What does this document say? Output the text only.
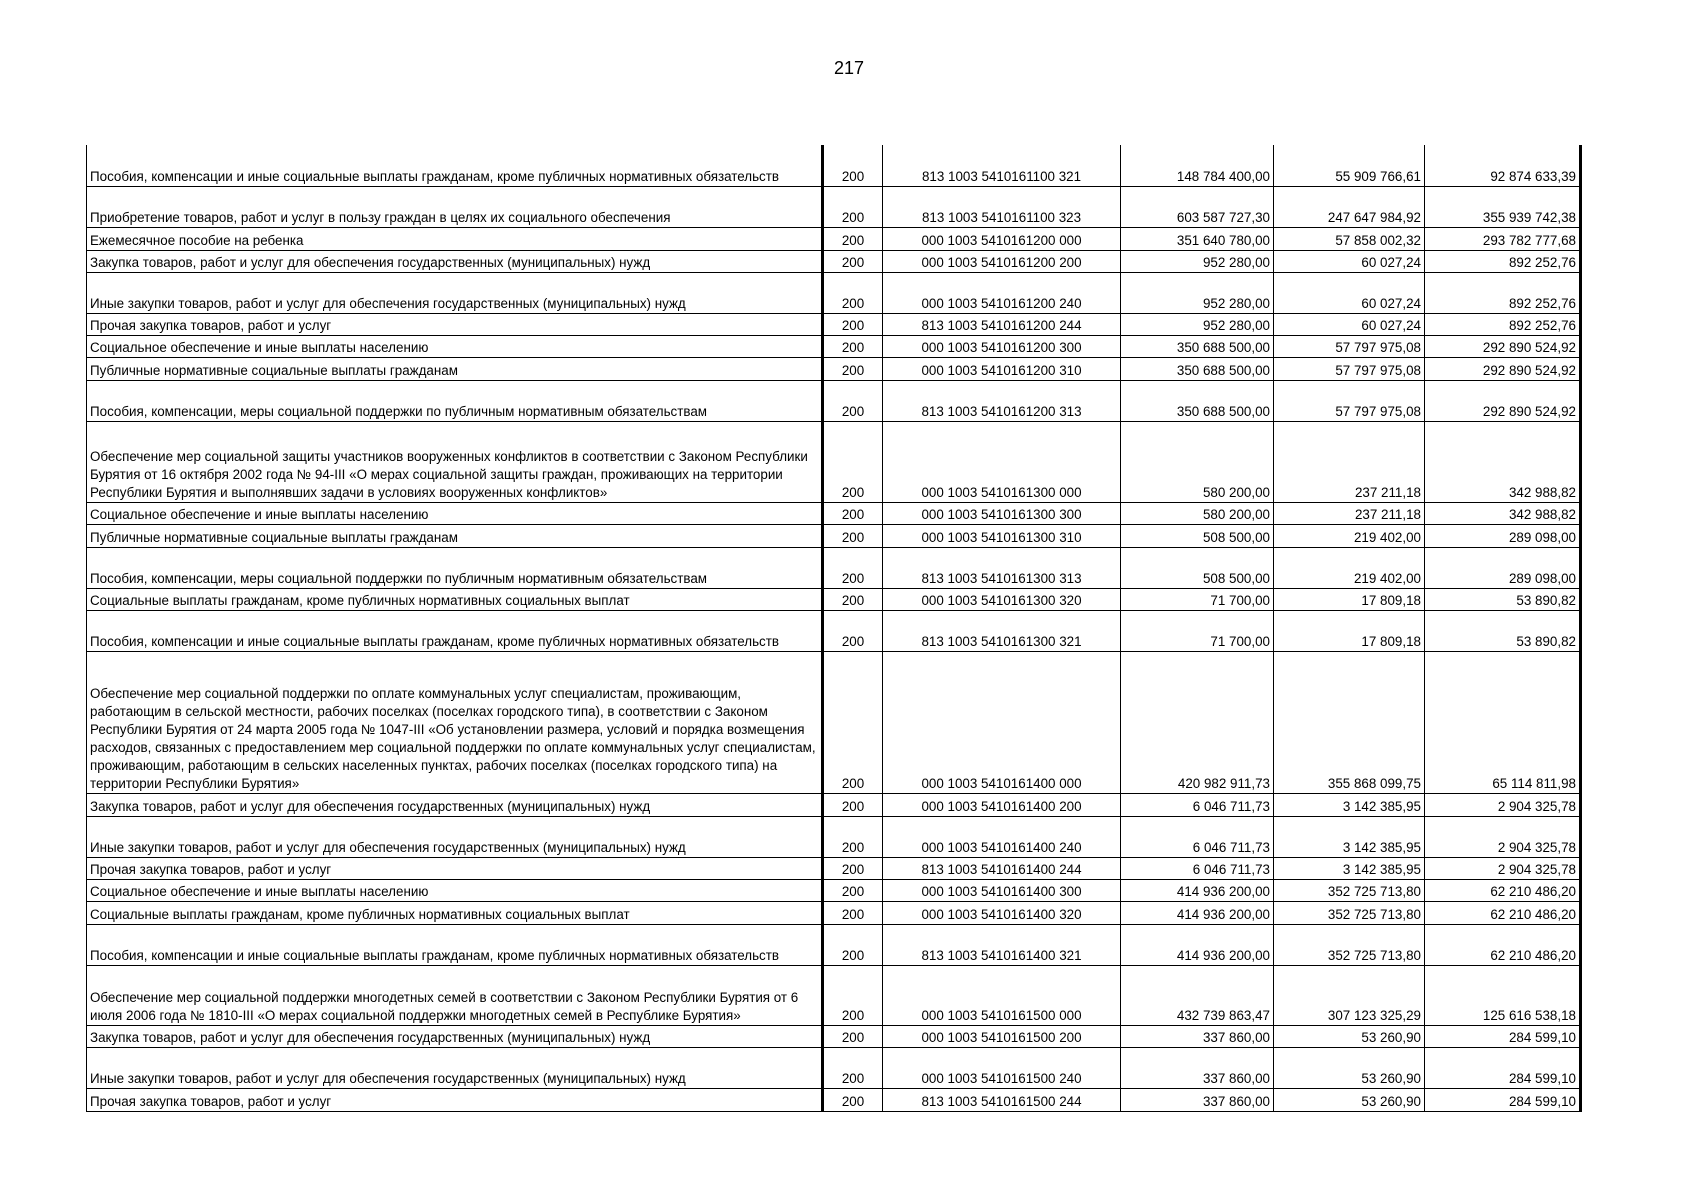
217
Пособия, компенсации и иные социальные выплаты гражданам, кроме публичных нормативных обязательств	200	813 1003 5410161100 321	148 784 400,00	55 909 766,61	92 874 633,39
Приобретение товаров, работ и услуг в пользу граждан в целях их социального обеспечения	200	813 1003 5410161100 323	603 587 727,30	247 647 984,92	355 939 742,38
Ежемесячное пособие на ребенка	200	000 1003 5410161200 000	351 640 780,00	57 858 002,32	293 782 777,68
Закупка товаров, работ и услуг для обеспечения государственных (муниципальных) нужд	200	000 1003 5410161200 200	952 280,00	60 027,24	892 252,76
Иные закупки товаров, работ и услуг для обеспечения государственных (муниципальных) нужд	200	000 1003 5410161200 240	952 280,00	60 027,24	892 252,76
Прочая закупка товаров, работ и услуг	200	813 1003 5410161200 244	952 280,00	60 027,24	892 252,76
Социальное обеспечение и иные выплаты населению	200	000 1003 5410161200 300	350 688 500,00	57 797 975,08	292 890 524,92
Публичные нормативные социальные выплаты гражданам	200	000 1003 5410161200 310	350 688 500,00	57 797 975,08	292 890 524,92
Пособия, компенсации, меры социальной поддержки по публичным нормативным обязательствам	200	813 1003 5410161200 313	350 688 500,00	57 797 975,08	292 890 524,92
Обеспечение мер социальной защиты участников вооруженных конфликтов в соответствии с Законом Республики Бурятия от 16 октября 2002 года № 94-III «О мерах социальной защиты граждан, проживающих на территории Республики Бурятия и выполнявших задачи в условиях вооруженных конфликтов»	200	000 1003 5410161300 000	580 200,00	237 211,18	342 988,82
Социальное обеспечение и иные выплаты населению	200	000 1003 5410161300 300	580 200,00	237 211,18	342 988,82
Публичные нормативные социальные выплаты гражданам	200	000 1003 5410161300 310	508 500,00	219 402,00	289 098,00
Пособия, компенсации, меры социальной поддержки по публичным нормативным обязательствам	200	813 1003 5410161300 313	508 500,00	219 402,00	289 098,00
Социальные выплаты гражданам, кроме публичных нормативных социальных выплат	200	000 1003 5410161300 320	71 700,00	17 809,18	53 890,82
Пособия, компенсации и иные социальные выплаты гражданам, кроме публичных нормативных обязательств	200	813 1003 5410161300 321	71 700,00	17 809,18	53 890,82
Обеспечение мер социальной поддержки по оплате коммунальных услуг специалистам, проживающим, работающим в сельской местности, рабочих поселках (поселках городского типа), в соответствии с Законом Республики Бурятия от 24 марта 2005 года № 1047-III «Об установлении размера, условий и порядка возмещения расходов, связанных с предоставлением мер социальной поддержки по оплате коммунальных услуг специалистам, проживающим, работающим в сельских населенных пунктах, рабочих поселках (поселках городского типа) на территории Республики Бурятия»	200	000 1003 5410161400 000	420 982 911,73	355 868 099,75	65 114 811,98
Закупка товаров, работ и услуг для обеспечения государственных (муниципальных) нужд	200	000 1003 5410161400 200	6 046 711,73	3 142 385,95	2 904 325,78
Иные закупки товаров, работ и услуг для обеспечения государственных (муниципальных) нужд	200	000 1003 5410161400 240	6 046 711,73	3 142 385,95	2 904 325,78
Прочая закупка товаров, работ и услуг	200	813 1003 5410161400 244	6 046 711,73	3 142 385,95	2 904 325,78
Социальное обеспечение и иные выплаты населению	200	000 1003 5410161400 300	414 936 200,00	352 725 713,80	62 210 486,20
Социальные выплаты гражданам, кроме публичных нормативных социальных выплат	200	000 1003 5410161400 320	414 936 200,00	352 725 713,80	62 210 486,20
Пособия, компенсации и иные социальные выплаты гражданам, кроме публичных нормативных обязательств	200	813 1003 5410161400 321	414 936 200,00	352 725 713,80	62 210 486,20
Обеспечение мер социальной поддержки многодетных семей в соответствии с Законом Республики Бурятия от 6 июля 2006 года № 1810-III «О мерах социальной поддержки многодетных семей в Республике Бурятия»	200	000 1003 5410161500 000	432 739 863,47	307 123 325,29	125 616 538,18
Закупка товаров, работ и услуг для обеспечения государственных (муниципальных) нужд	200	000 1003 5410161500 200	337 860,00	53 260,90	284 599,10
Иные закупки товаров, работ и услуг для обеспечения государственных (муниципальных) нужд	200	000 1003 5410161500 240	337 860,00	53 260,90	284 599,10
Прочая закупка товаров, работ и услуг	200	813 1003 5410161500 244	337 860,00	53 260,90	284 599,10
